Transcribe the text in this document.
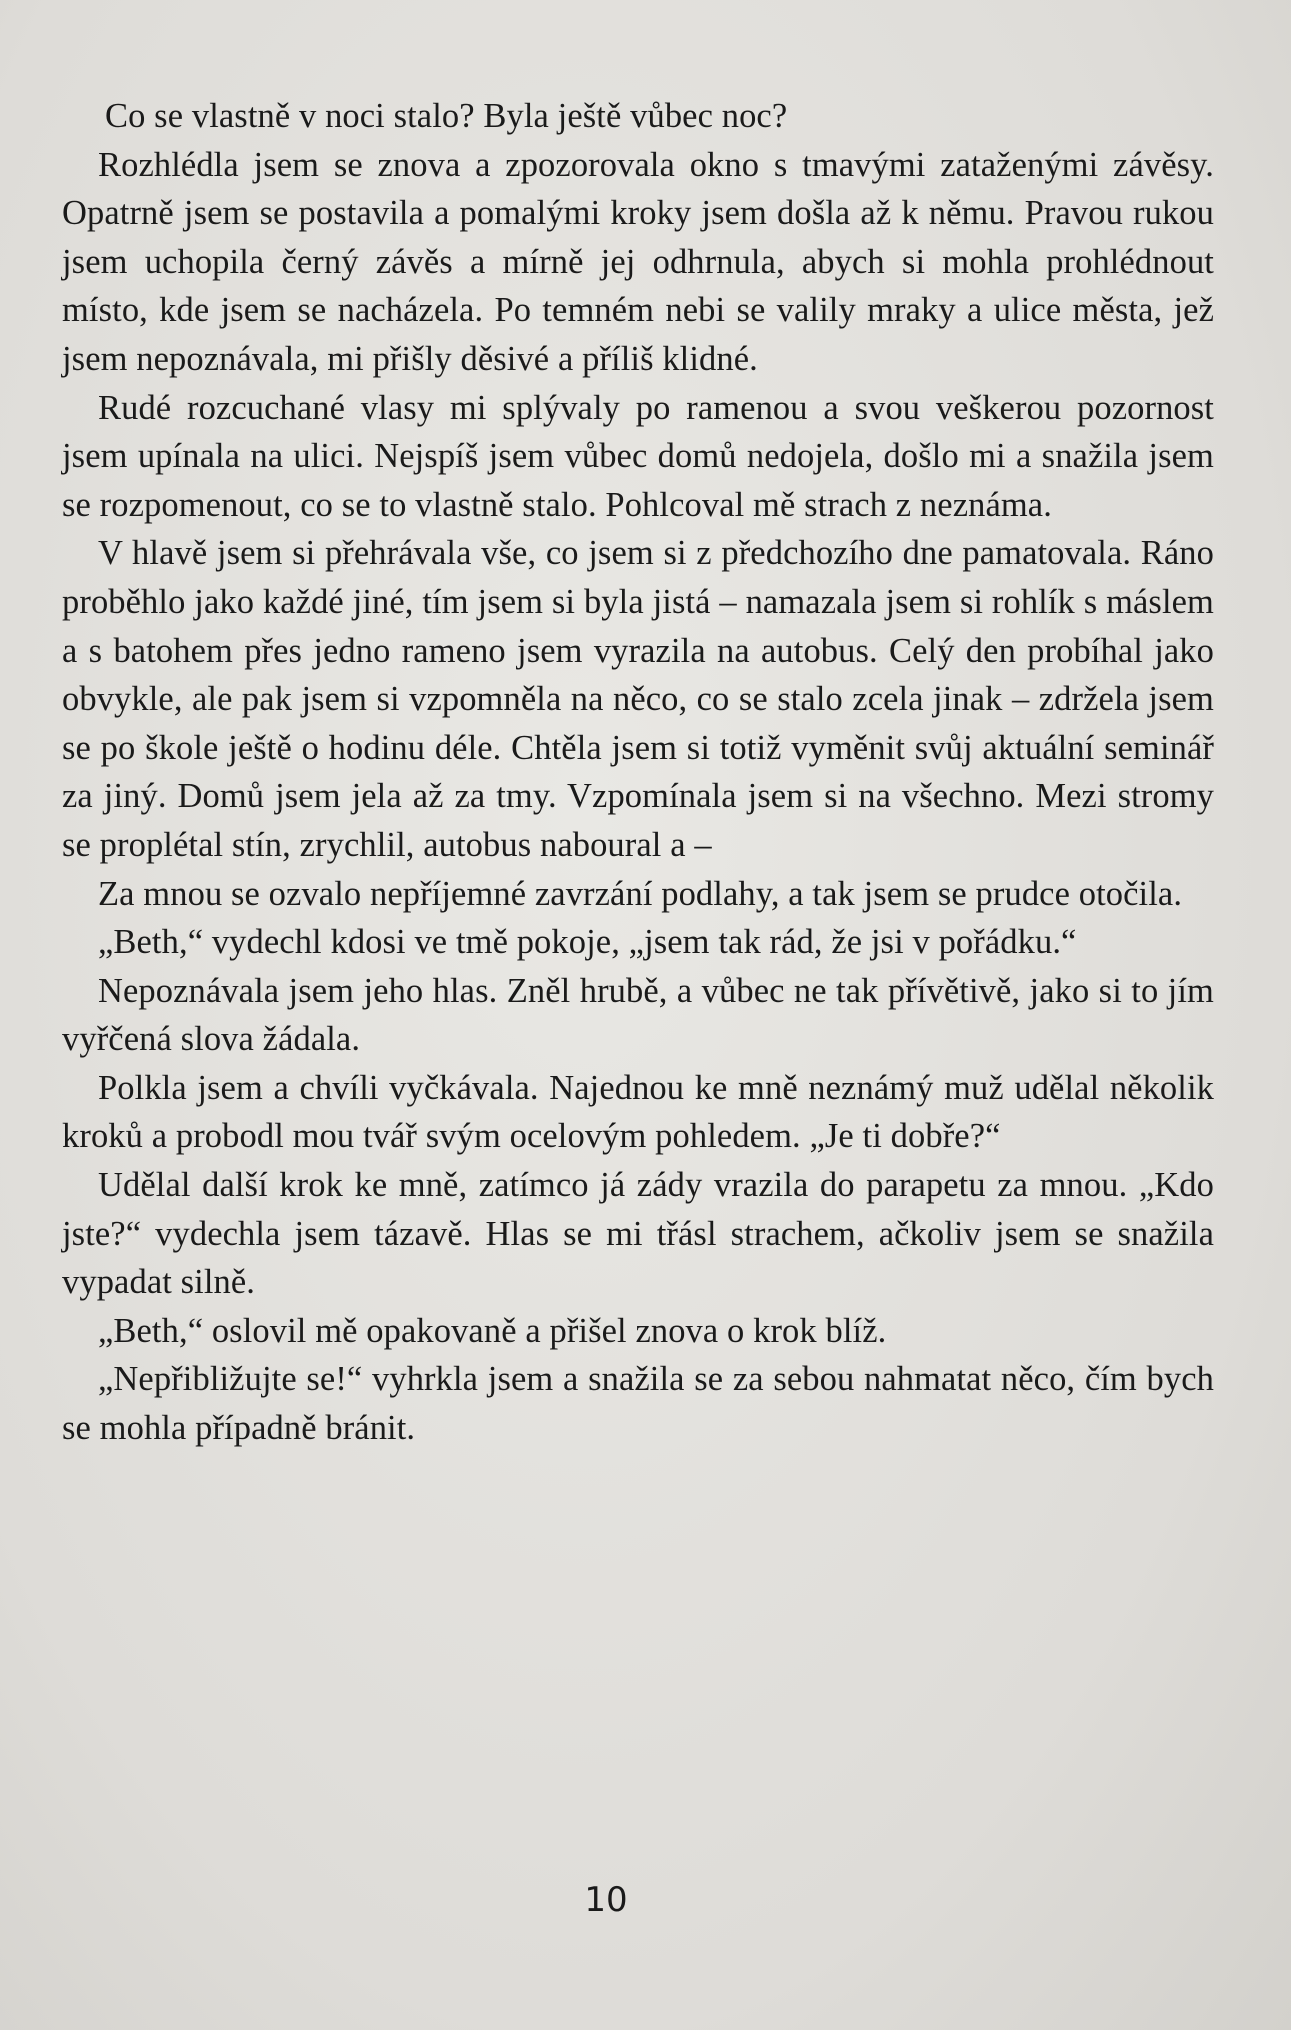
Co se vlastně v noci stalo? Byla ještě vůbec noc?

Rozhlédla jsem se znova a zpozorovala okno s tmavými zataženými závěsy. Opatrně jsem se postavila a pomalými kroky jsem došla až k němu. Pravou rukou jsem uchopila černý závěs a mírně jej odhrnula, abych si mohla prohlédnout místo, kde jsem se nacházela. Po temném nebi se valily mraky a ulice města, jež jsem nepoznávala, mi přišly děsivé a příliš klidné.

Rudé rozcuchané vlasy mi splývaly po ramenou a svou veškerou pozornost jsem upínala na ulici. Nejspíš jsem vůbec domů nedojela, došlo mi a snažila jsem se rozpomenout, co se to vlastně stalo. Pohlcoval mě strach z neznáma.

V hlavě jsem si přehrávala vše, co jsem si z předchozího dne pamatovala. Ráno proběhlo jako každé jiné, tím jsem si byla jistá – namazala jsem si rohlík s máslem a s batohem přes jedno rameno jsem vyrazila na autobus. Celý den probíhal jako obvykle, ale pak jsem si vzpomněla na něco, co se stalo zcela jinak – zdržela jsem se po škole ještě o hodinu déle. Chtěla jsem si totiž vyměnit svůj aktuální seminář za jiný. Domů jsem jela až za tmy. Vzpomínala jsem si na všechno. Mezi stromy se proplétal stín, zrychlil, autobus naboural a –

Za mnou se ozvalo nepříjemné zavrzání podlahy, a tak jsem se prudce otočila.

„Beth,“ vydechl kdosi ve tmě pokoje, „jsem tak rád, že jsi v pořádku.“

Nepoznávala jsem jeho hlas. Zněl hrubě, a vůbec ne tak přívětivě, jako si to jím vyřčená slova žádala.

Polkla jsem a chvíli vyčkávala. Najednou ke mně neznámý muž udělal několik kroků a probodl mou tvář svým ocelovým pohledem. „Je ti dobře?“

Udělal další krok ke mně, zatímco já zády vrazila do parapetu za mnou. „Kdo jste?“ vydechla jsem tázavě. Hlas se mi třásl strachem, ačkoliv jsem se snažila vypadat silně.

„Beth,“ oslovil mě opakovaně a přišel znova o krok blíž.

„Nepřibližujte se!“ vyhrkla jsem a snažila se za sebou nahmatat něco, čím bych se mohla případně bránit.

10
